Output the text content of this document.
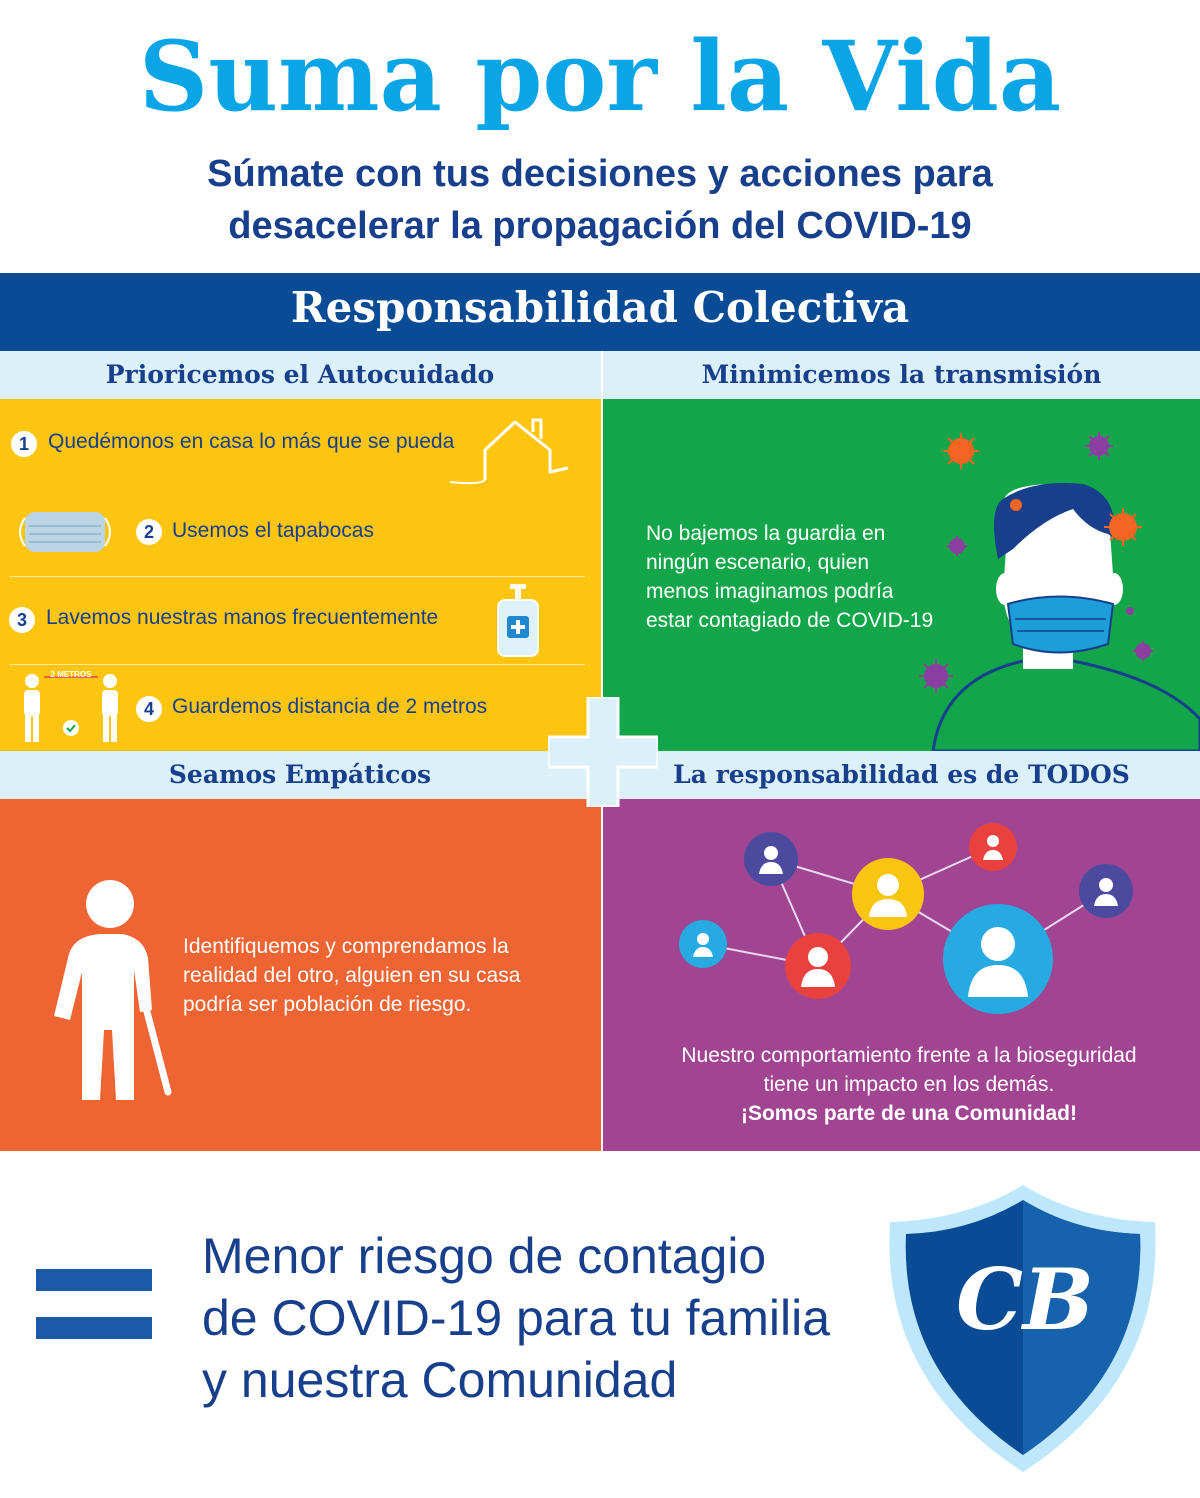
Suma por la Vida
Súmate con tus decisiones y acciones para
desacelerar la propagación del COVID-19
Responsabilidad Colectiva
Prioricemos el Autocuidado	Minimicemos la transmisión
1 Quedémonos en casa lo más que se pueda
2 Usemos el tapabocas
3 Lavemos nuestras manos frecuentemente
2 METROS
4 Guardemos distancia de 2 metros
No bajemos la guardia en ningún escenario, quien menos imaginamos podría estar contagiado de COVID-19
Seamos Empáticos	La responsabilidad es de TODOS
Identifiquemos y comprendamos la realidad del otro, alguien en su casa podría ser población de riesgo.
Nuestro comportamiento frente a la bioseguridad
tiene un impacto en los demás.
¡Somos parte de una Comunidad!
Menor riesgo de contagio
de COVID-19 para tu familia
y nuestra Comunidad
CB
